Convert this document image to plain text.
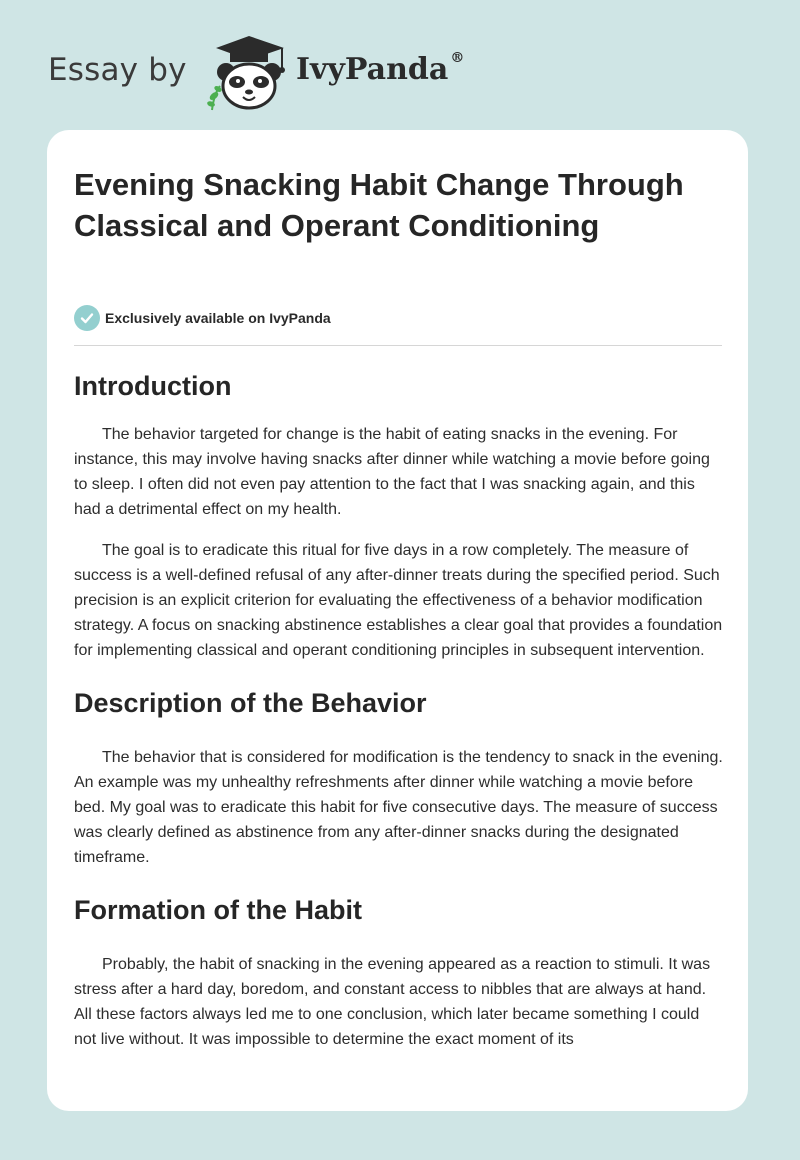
Essay by	IvyPanda ®
Evening Snacking Habit Change Through Classical and Operant Conditioning
Exclusively available on IvyPanda
Introduction

The behavior targeted for change is the habit of eating snacks in the evening. For instance, this may involve having snacks after dinner while watching a movie before going to sleep. I often did not even pay attention to the fact that I was snacking again, and this had a detrimental effect on my health.

The goal is to eradicate this ritual for five days in a row completely. The measure of success is a well-defined refusal of any after-dinner treats during the specified period. Such precision is an explicit criterion for evaluating the effectiveness of a behavior modification strategy. A focus on snacking abstinence establishes a clear goal that provides a foundation for implementing classical and operant conditioning principles in subsequent intervention.

Description of the Behavior

The behavior that is considered for modification is the tendency to snack in the evening. An example was my unhealthy refreshments after dinner while watching a movie before bed. My goal was to eradicate this habit for five consecutive days. The measure of success was clearly defined as abstinence from any after-dinner snacks during the designated timeframe.

Formation of the Habit

Probably, the habit of snacking in the evening appeared as a reaction to stimuli. It was stress after a hard day, boredom, and constant access to nibbles that are always at hand. All these factors always led me to one conclusion, which later became something I could not live without. It was impossible to determine the exact moment of its
